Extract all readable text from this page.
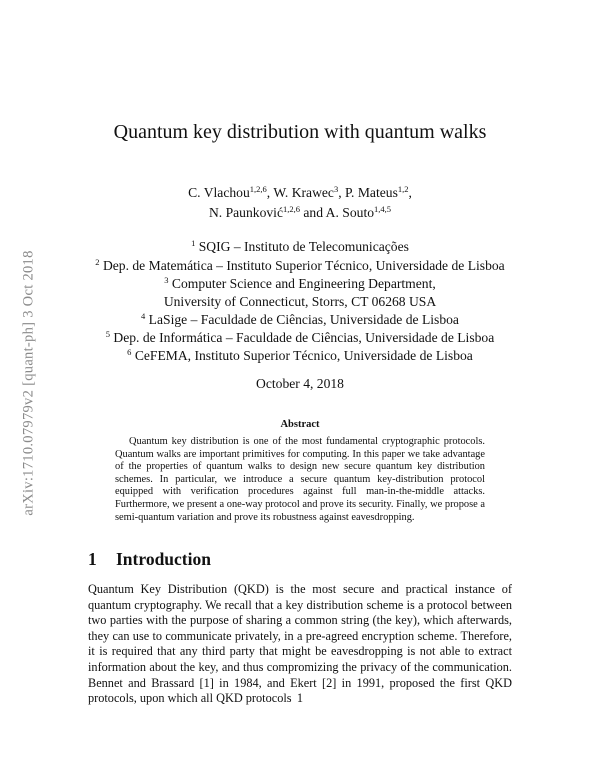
arXiv:1710.07979v2 [quant-ph] 3 Oct 2018
Quantum key distribution with quantum walks
C. Vlachou$^{1,2,6}$, W. Krawec$^3$, P. Mateus$^{1,2}$,
N. Paunković$^{1,2,6}$ and A. Souto$^{1,4,5}$
$^1$ SQIG – Instituto de Telecomunicações
$^2$ Dep. de Matemática – Instituto Superior Técnico, Universidade de Lisboa
$^3$ Computer Science and Engineering Department,
University of Connecticut, Storrs, CT 06268 USA
$^4$ LaSige – Faculdade de Ciências, Universidade de Lisboa
$^5$ Dep. de Informática – Faculdade de Ciências, Universidade de Lisboa
$^6$ CeFEMA, Instituto Superior Técnico, Universidade de Lisboa
October 4, 2018
Abstract

Quantum key distribution is one of the most fundamental cryptographic protocols. Quantum walks are important primitives for computing. In this paper we take advantage of the properties of quantum walks to design new secure quantum key distribution schemes. In particular, we introduce a secure quantum key-distribution protocol equipped with verification procedures against full man-in-the-middle attacks. Furthermore, we present a one-way protocol and prove its security. Finally, we propose a semi-quantum variation and prove its robustness against eavesdropping.

1 Introduction

Quantum Key Distribution (QKD) is the most secure and practical instance of quantum cryptography. We recall that a key distribution scheme is a protocol between two parties with the purpose of sharing a common string (the key), which afterwards, they can use to communicate privately, in a pre-agreed encryption scheme. Therefore, it is required that any third party that might be eavesdropping is not able to extract information about the key, and thus compromizing the privacy of the communication. Bennet and Brassard [1] in 1984, and Ekert [2] in 1991, proposed the first QKD protocols, upon which all QKD protocols 1
